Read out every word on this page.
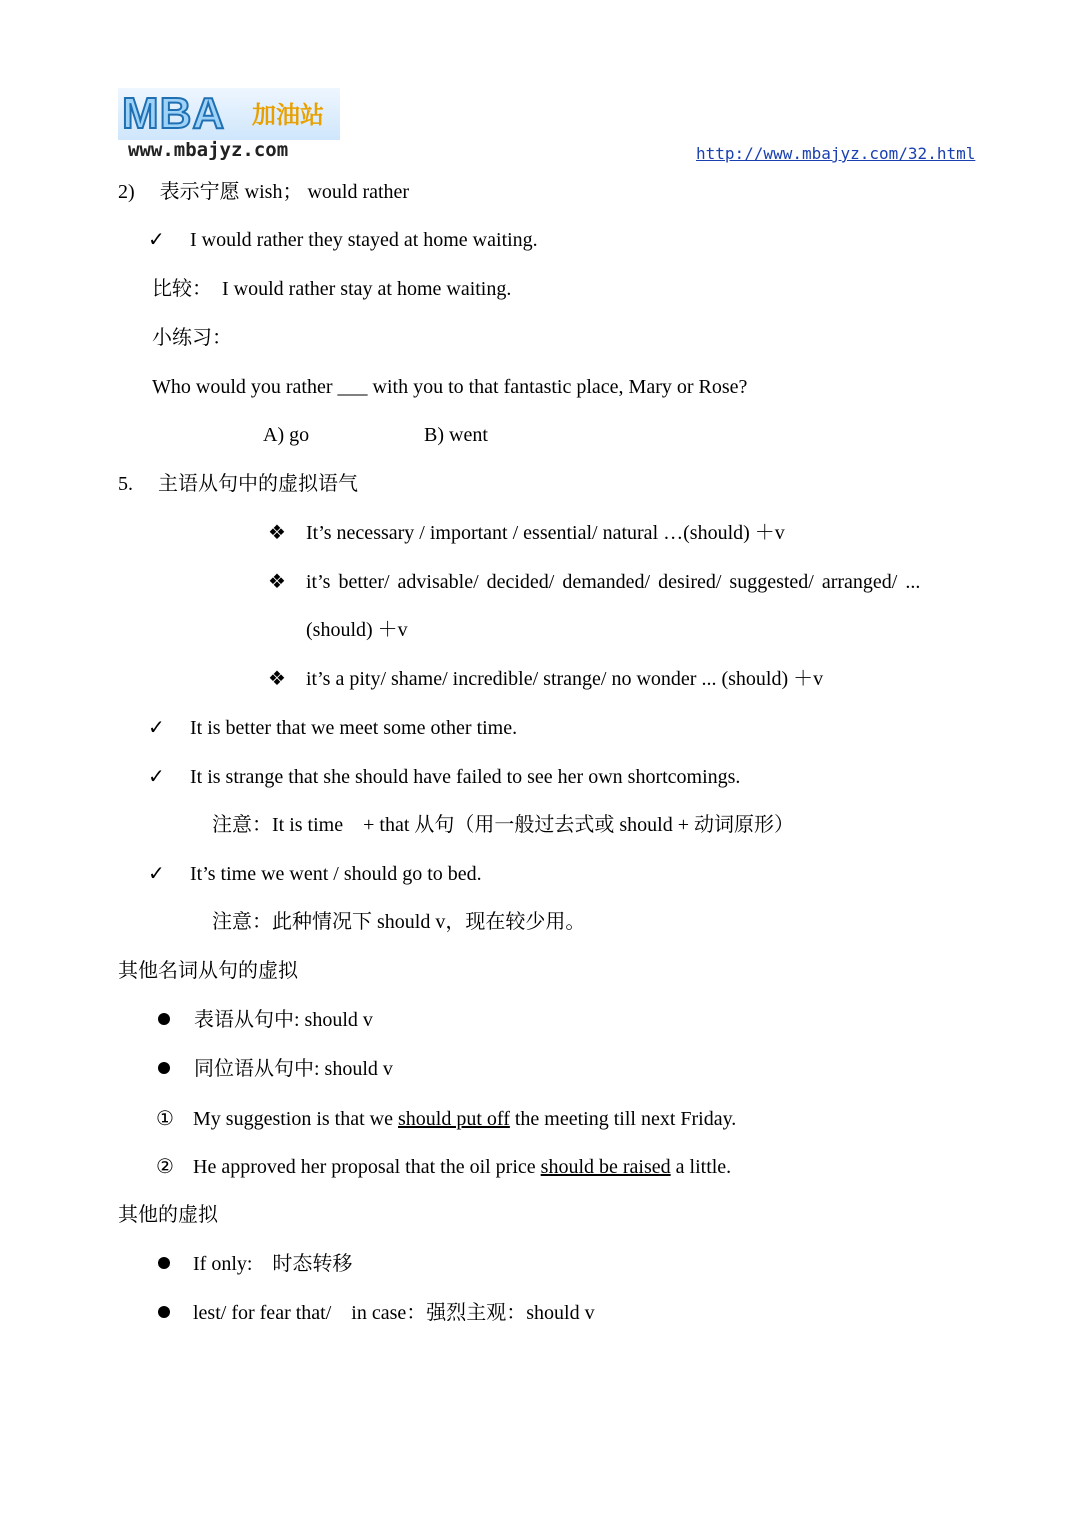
MBA 加油站
www.mbajyz.com	http://www.mbajyz.com/32.html
2)　 表示宁愿 wish； would rather
✓ I would rather they stayed at home waiting.
比较：　I would rather stay at home waiting.
小练习：
Who would you rather ___ with you to that fantastic place, Mary or Rose?
A) go	B) went
5.　 主语从句中的虚拟语气
❖ It’s necessary / important / essential/ natural …(should) ＋v
❖ it’s better/ advisable/ decided/ demanded/ desired/ suggested/ arranged/ ...
(should) ＋v
❖ it’s a pity/ shame/ incredible/ strange/ no wonder ... (should) ＋v
✓ It is better that we meet some other time.
✓ It is strange that she should have failed to see her own shortcomings.
注意：It is time　+ that 从句（用一般过去式或 should + 动词原形）
✓ It’s time we went / should go to bed.
注意：此种情况下 should v，现在较少用。
其他名词从句的虚拟
表语从句中: should v
同位语从句中: should v
① My suggestion is that we should put off the meeting till next Friday.
② He approved her proposal that the oil price should be raised a little.
其他的虚拟
If only:　时态转移
lest/ for fear that/　in case：强烈主观：should v
